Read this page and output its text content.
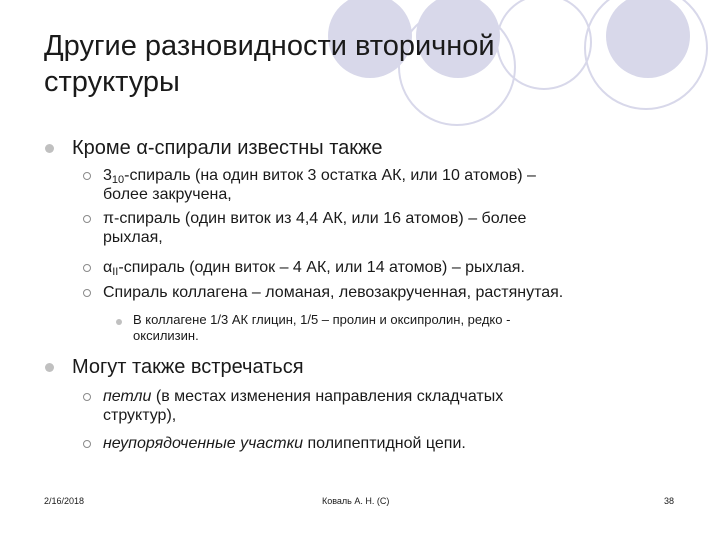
Другие разновидности вторичной структуры
Кроме α-спирали известны также
$3_{10}$-спираль (на один виток 3 остатка АК, или 10 атомов) –
более закручена,
π-спираль (один виток из 4,4 АК, или 16 атомов) – более
рыхлая,
$\alpha_{II}$-спираль (один виток – 4 АК, или 14 атомов) – рыхлая.
Спираль коллагена – ломаная, левозакрученная, растянутая.
В коллагене 1/3 АК глицин, 1/5 – пролин и оксипролин, редко -
оксилизин.
Могут также встречаться
петли (в местах изменения направления складчатых
структур),
неупорядоченные участки полипептидной цепи.
2/16/2018	Коваль А. Н. (C)	38
